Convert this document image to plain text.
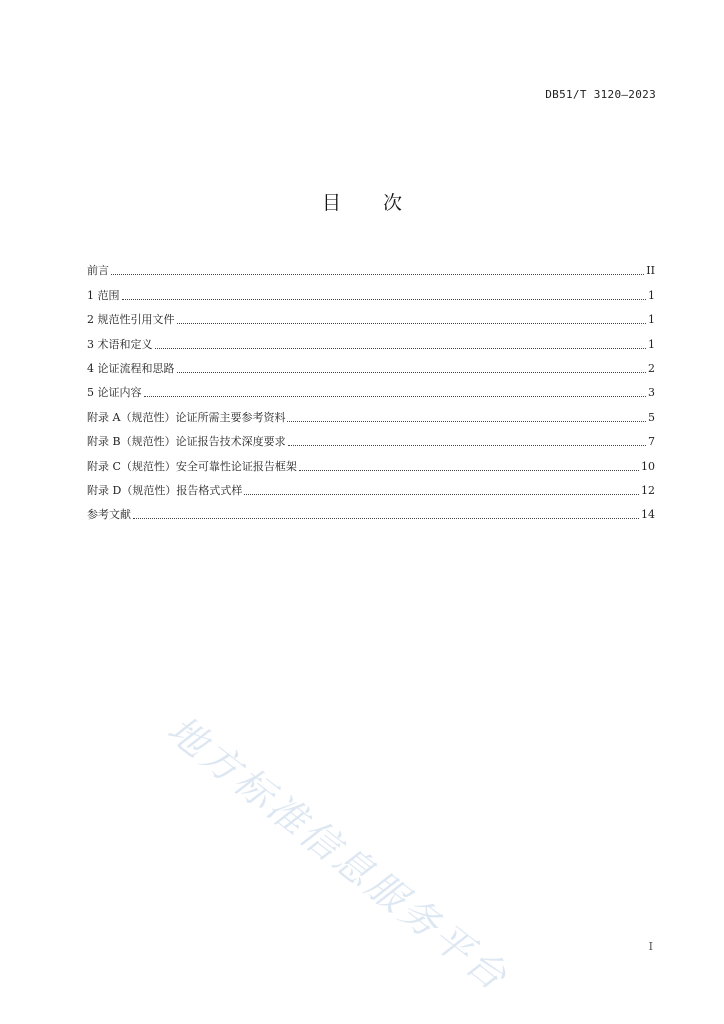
DB51/T 3120—2023
目 次
前言	II
1 范围	1
2 规范性引用文件	1
3 术语和定义	1
4 论证流程和思路	2
5 论证内容	3
附录 A（规范性）论证所需主要参考资料	5
附录 B（规范性）论证报告技术深度要求	7
附录 C（规范性）安全可靠性论证报告框架	10
附录 D（规范性）报告格式式样	12
参考文献	14
地方标准信息服务平台	I
